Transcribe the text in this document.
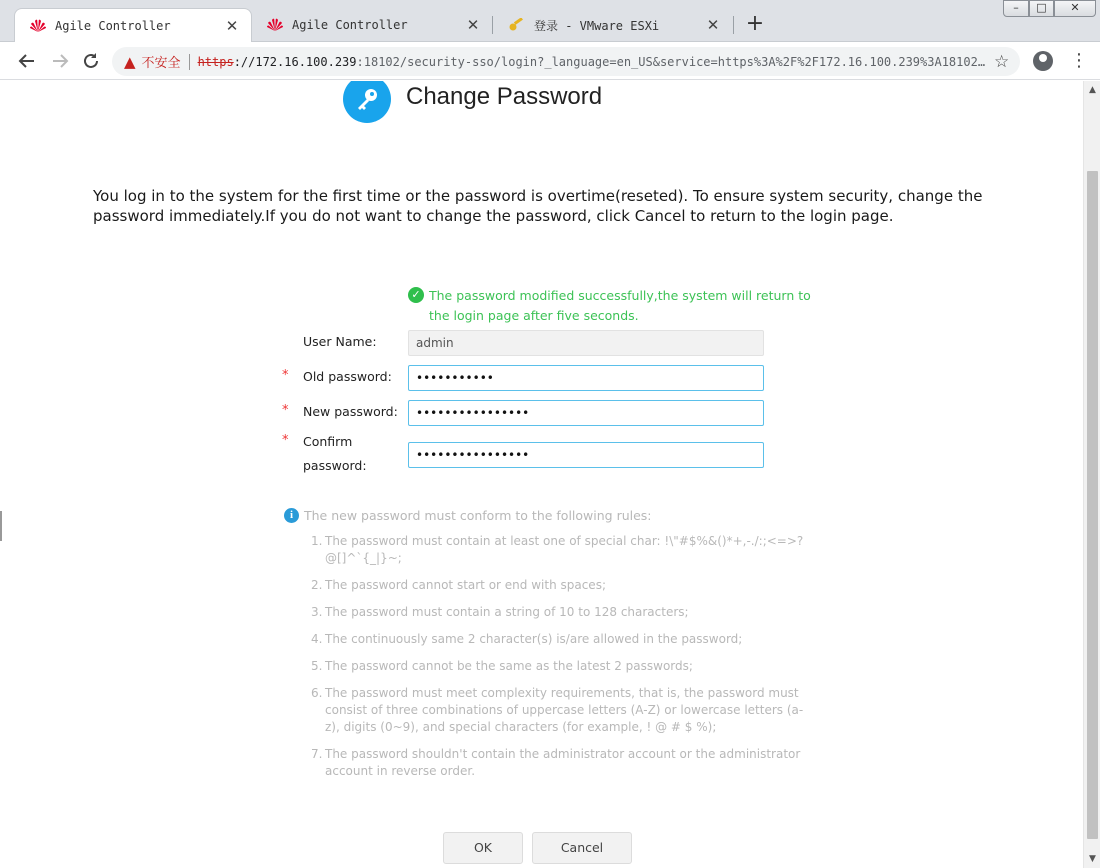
Agile Controller	✕	Agile Controller	✕	登录 - VMware ESXi	✕ +
–	□	✕
▲ 不安全 https ://172.16.100.239 :18102/security-sso/login?_language=en_US&service=https%3A%2F%2F172.16.100.239%3A18102… ☆	⋮
Change Password
You log in to the system for the first time or the password is overtime(reseted). To ensure system security, change the password immediately.If you do not want to change the password, click Cancel to return to the login page.
✓ The password modified successfully,the system will return to the login page after five seconds.
User Name:
admin
* Old password:
•••••••••••
* New password:
••••••••••••••••
* Confirm
password:
••••••••••••••••
i The new password must conform to the following rules:
1. The password must contain at least one of special char: !\"#$%&()*+,-./:;<=>?@[]^`{_|}~;
2. The password cannot start or end with spaces;
3. The password must contain a string of 10 to 128 characters;
4. The continuously same 2 character(s) is/are allowed in the password;
5. The password cannot be the same as the latest 2 passwords;
6. The password must meet complexity requirements, that is, the password must consist of three combinations of uppercase letters (A-Z) or lowercase letters (a-z), digits (0~9), and special characters (for example, ! @ # $ %);
7. The password shouldn't contain the administrator account or the administrator account in reverse order.
OK	Cancel
▲
▼
